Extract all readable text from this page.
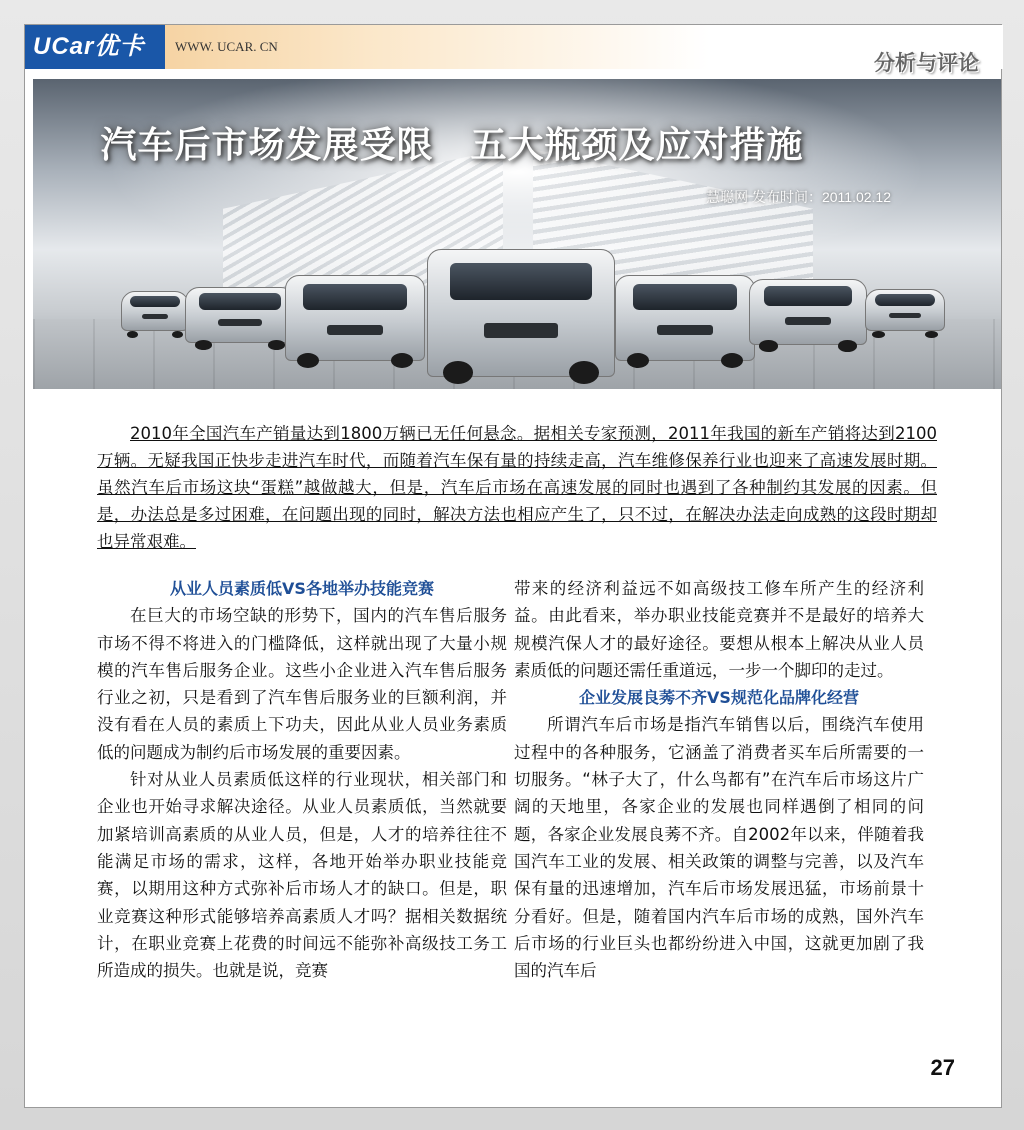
UCar优卡	WWW. UCAR. CN
分析与评论
汽车后市场发展受限　五大瓶颈及应对措施
慧聪网 发布时间：2011.02.12
2010年全国汽车产销量达到1800万辆已无任何悬念。据相关专家预测，2011年我国的新车产销将达到2100万辆。无疑我国正快步走进汽车时代，而随着汽车保有量的持续走高，汽车维修保养行业也迎来了高速发展时期。虽然汽车后市场这块“蛋糕”越做越大，但是，汽车后市场在高速发展的同时也遇到了各种制约其发展的因素。但是，办法总是多过困难，在问题出现的同时，解决方法也相应产生了，只不过，在解决办法走向成熟的这段时期却也异常艰难。
从业人员素质低VS各地举办技能竞赛

在巨大的市场空缺的形势下，国内的汽车售后服务市场不得不将进入的门槛降低，这样就出现了大量小规模的汽车售后服务企业。这些小企业进入汽车售后服务行业之初，只是看到了汽车售后服务业的巨额利润，并没有看在人员的素质上下功夫，因此从业人员业务素质低的问题成为制约后市场发展的重要因素。

针对从业人员素质低这样的行业现状，相关部门和企业也开始寻求解决途径。从业人员素质低，当然就要加紧培训高素质的从业人员，但是，人才的培养往往不能满足市场的需求，这样，各地开始举办职业技能竞赛，以期用这种方式弥补后市场人才的缺口。但是，职业竞赛这种形式能够培养高素质人才吗？据相关数据统计，在职业竞赛上花费的时间远不能弥补高级技工务工所造成的损失。也就是说，竞赛

带来的经济利益远不如高级技工修车所产生的经济利益。由此看来，举办职业技能竞赛并不是最好的培养大规模汽保人才的最好途径。要想从根本上解决从业人员素质低的问题还需任重道远，一步一个脚印的走过。

企业发展良莠不齐VS规范化品牌化经营

所谓汽车后市场是指汽车销售以后，围绕汽车使用过程中的各种服务，它涵盖了消费者买车后所需要的一切服务。“林子大了，什么鸟都有”在汽车后市场这片广阔的天地里，各家企业的发展也同样遇倒了相同的问题，各家企业发展良莠不齐。自2002年以来，伴随着我国汽车工业的发展、相关政策的调整与完善，以及汽车保有量的迅速增加，汽车后市场发展迅猛，市场前景十分看好。但是，随着国内汽车后市场的成熟，国外汽车后市场的行业巨头也都纷纷进入中国，这就更加剧了我国的汽车后

27
